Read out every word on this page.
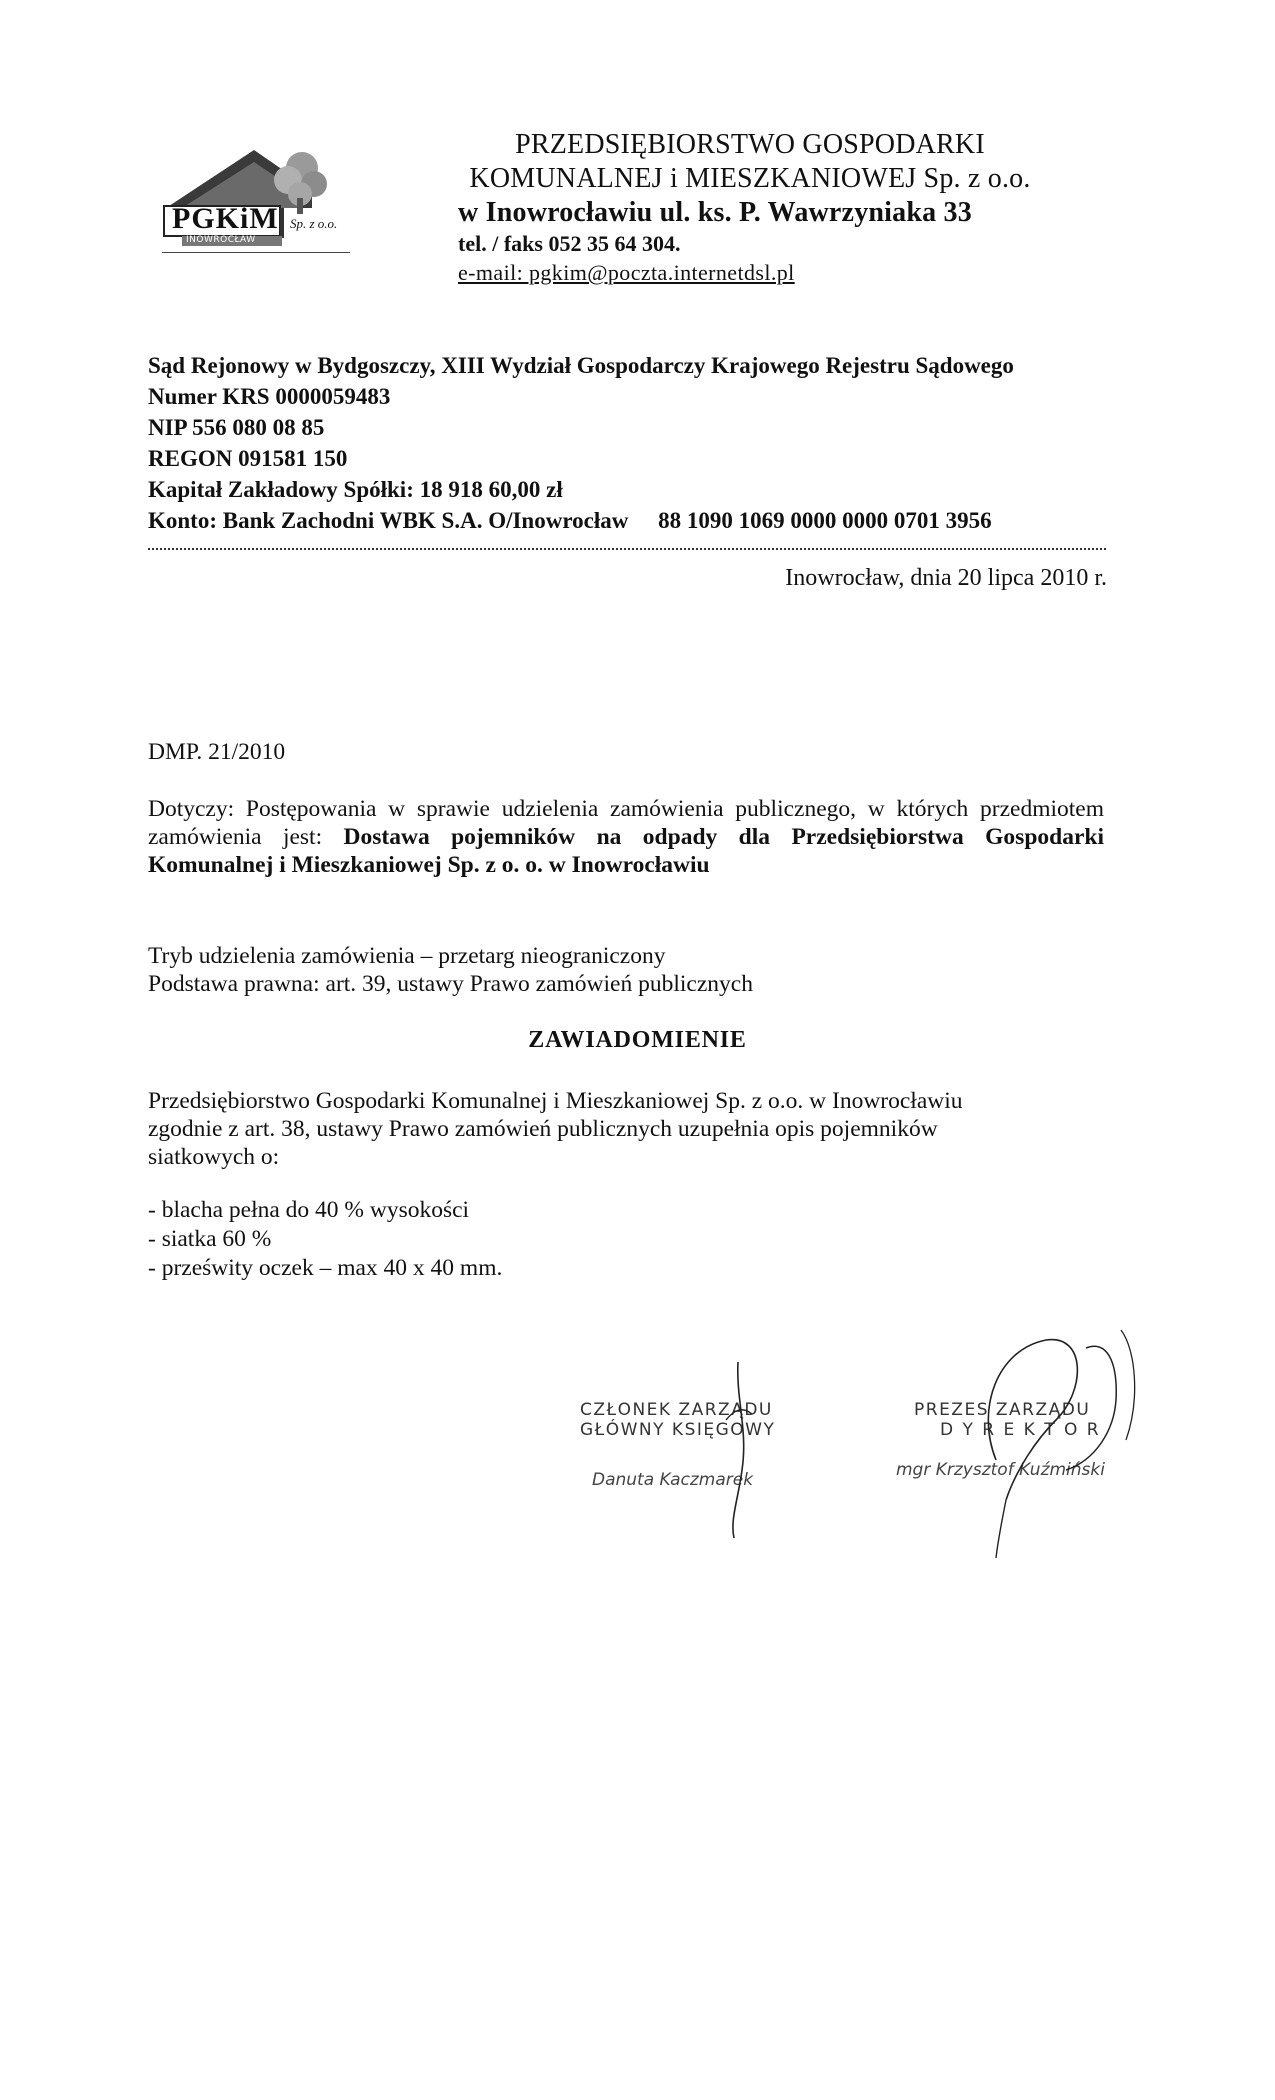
PGKiM Sp. z o.o.
INOWROCŁAW
PRZEDSIĘBIORSTWO GOSPODARKI
KOMUNALNEJ i MIESZKANIOWEJ Sp. z o.o.
w Inowrocławiu ul. ks. P. Wawrzyniaka 33
tel. / faks 052 35 64 304.
e-mail: pgkim@poczta.internetdsl.pl
Sąd Rejonowy w Bydgoszczy, XIII Wydział Gospodarczy Krajowego Rejestru Sądowego
Numer KRS 0000059483
NIP 556 080 08 85
REGON 091581 150
Kapitał Zakładowy Spółki: 18 918 60,00 zł
Konto: Bank Zachodni WBK S.A. O/Inowrocław 88 1090 1069 0000 0000 0701 3956
Inowrocław, dnia 20 lipca 2010 r.
DMP. 21/2010
Dotyczy: Postępowania w sprawie udzielenia zamówienia publicznego, w których przedmiotem zamówienia jest: Dostawa pojemników na odpady dla Przedsiębiorstwa Gospodarki Komunalnej i Mieszkaniowej Sp. z o. o. w Inowrocławiu
Tryb udzielenia zamówienia – przetarg nieograniczony
Podstawa prawna: art. 39, ustawy Prawo zamówień publicznych
ZAWIADOMIENIE
Przedsiębiorstwo Gospodarki Komunalnej i Mieszkaniowej Sp. z o.o. w Inowrocławiu
zgodnie z art. 38, ustawy Prawo zamówień publicznych uzupełnia opis pojemników
siatkowych o:
- blacha pełna do 40 % wysokości
- siatka 60 %
- prześwity oczek – max 40 x 40 mm.
CZŁONEK ZARZĄDU
GŁÓWNY KSIĘGOWY
Danuta Kaczmarek
PREZES ZARZĄDU
D Y R E K T O R
mgr Krzysztof Kuźmiński
